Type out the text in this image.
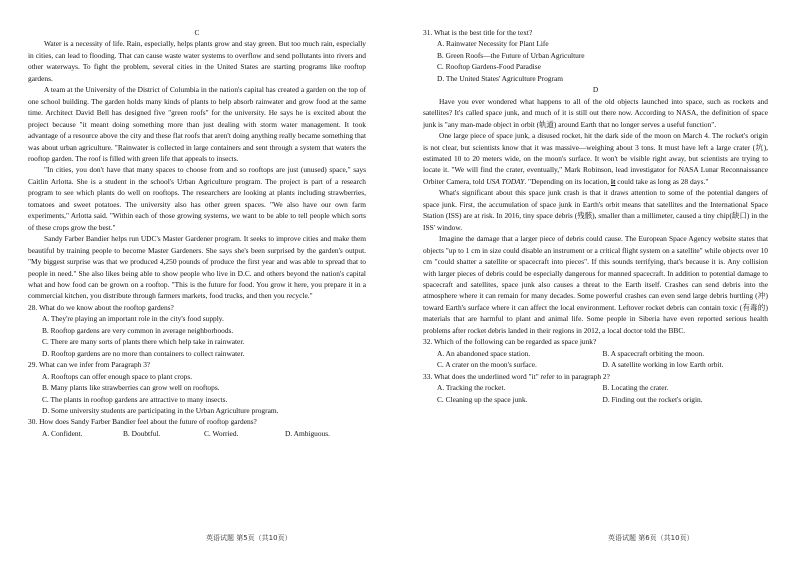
C

Water is a necessity of life. Rain, especially, helps plants grow and stay green. But too much rain, especially in cities, can lead to flooding. That can cause waste water systems to overflow and send pollutants into rivers and other waterways. To fight the problem, several cities in the United States are starting programs like rooftop gardens.

A team at the University of the District of Columbia in the nation's capital has created a garden on the top of one school building. The garden holds many kinds of plants to help absorb rainwater and grow food at the same time. Architect David Bell has designed five "green roofs" for the university. He says he is excited about the project because "it meant doing something more than just dealing with storm water management. It took advantage of a resource above the city and these flat roofs that aren't doing anything really became something that was about urban agriculture. "Rainwater is collected in large containers and sent through a system that waters the rooftop garden. The roof is filled with green life that appeals to insects.

"In cities, you don't have that many spaces to choose from and so rooftops are just (unused) space," says Caitlin Arlotta. She is a student in the school's Urban Agriculture program. The project is part of a research program to see which plants do well on rooftops. The researchers are looking at plants including strawberries, tomatoes and sweet potatoes. The university also has other green spaces. "We also have our own farm experiments," Arlotta said. "Within each of those growing systems, we want to be able to tell people which sorts of these crops grow the best."

Sandy Farber Bandier helps run UDC's Master Gardener program. It seeks to improve cities and make them beautiful by training people to become Master Gardeners. She says she's been surprised by the garden's output. "My biggest surprise was that we produced 4,250 pounds of produce the first year and was able to spread that to people in need." She also likes being able to show people who live in D.C. and others beyond the nation's capital what and how food can be grown on a rooftop. "This is the future for food. You grow it here, you prepare it in a commercial kitchen, you distribute through farmers markets, food trucks, and then you recycle."

28. What do we know about the rooftop gardens?

A. They're playing an important role in the city's food supply.

B. Rooftop gardens are very common in average neighborhoods.

C. There are many sorts of plants there which help take in rainwater.

D. Rooftop gardens are no more than containers to collect rainwater.

29. What can we infer from Paragraph 3?

A. Rooftops can offer enough space to plant crops.

B. Many plants like strawberries can grow well on rooftops.

C. The plants in rooftop gardens are attractive to many insects.

D. Some university students are participating in the Urban Agriculture program.

30. How does Sandy Farber Bandier feel about the future of rooftop gardens?

A. Confident.	B. Doubtful.	C. Worried.	D. Ambiguous.

31. What is the best title for the text?

A. Rainwater Necessity for Plant Life

B. Green Roofs—the Future of Urban Agriculture

C. Rooftop Gardens-Food Paradise

D. The United States' Agriculture Program

D

Have you ever wondered what happens to all of the old objects launched into space, such as rockets and satellites? It's called space junk, and much of it is still out there now. According to NASA, the definition of space junk is "any man-made object in orbit (轨道) around Earth that no longer serves a useful function".

One large piece of space junk, a disused rocket, hit the dark side of the moon on March 4. The rocket's origin is not clear, but scientists know that it was massive—weighing about 3 tons. It must have left a large crater (坑), estimated 10 to 20 meters wide, on the moon's surface. It won't be visible right away, but scientists are trying to locate it. "We will find the crater, eventually," Mark Robinson, lead investigator for NASA Lunar Reconnaissance Orbiter Camera, told USA TODAY. "Depending on its location, it could take as long as 28 days."

What's significant about this space junk crash is that it draws attention to some of the potential dangers of space junk. First, the accumulation of space junk in Earth's orbit means that satellites and the International Space Station (ISS) are at risk. In 2016, tiny space debris (残骸), smaller than a millimeter, caused a tiny chip(缺口) in the ISS' window.

Imagine the damage that a larger piece of debris could cause. The European Space Agency website states that objects "up to 1 cm in size could disable an instrument or a critical flight system on a satellite" while objects over 10 cm "could shatter a satellite or spacecraft into pieces". If this sounds terrifying, that's because it is. Any collision with larger pieces of debris could be especially dangerous for manned spacecraft. In addition to potential damage to spacecraft and satellites, space junk also causes a threat to the Earth itself. Crashes can send debris into the atmosphere where it can remain for many decades. Some powerful crashes can even send large debris hurtling (冲) toward Earth's surface where it can affect the local environment. Leftover rocket debris can contain toxic (有毒的) materials that are harmful to plant and animal life. Some people in Siberia have even reported serious health problems after rocket debris landed in their regions in 2012, a local doctor told the BBC.

32. Which of the following can be regarded as space junk?

A. An abandoned space station.	B. A spacecraft orbiting the moon.
C. A crater on the moon's surface.	D. A satellite working in low Earth orbit.

33. What does the underlined word "it" refer to in paragraph 2?

A. Tracking the rocket.	B. Locating the crater.
C. Cleaning up the space junk.	D. Finding out the rocket's origin.
英语试题 第5页（共10页）	英语试题 第6页（共10页）
